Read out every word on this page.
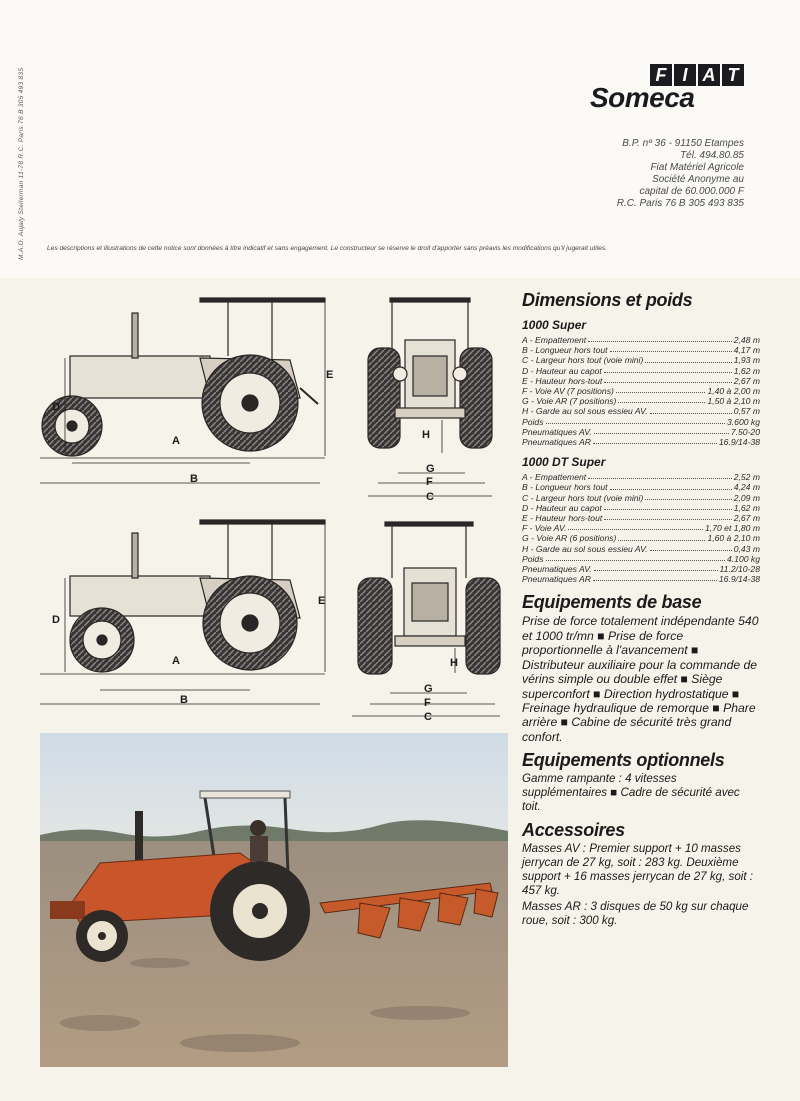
M.A.O. Aujaly Steilerman 11-78 R.C. Paris 76 B 305 493 835	F I A T
Someca
B.P. nº 36 - 91150 Etampes
Tél. 494.80.85
Fiat Matériel Agricole
Société Anonyme au
capital de 60.000.000 F
R.C. Paris 76 B 305 493 835
Les descriptions et illustrations de cette notice sont données à titre indicatif et sans engagement. Le constructeur se réserve le droit d'apporter sans préavis les modifications qu'il jugerait utiles.
A
B
D
E
G
F
C
H
A
B
D
E
G
F
C
H
Dimensions et poids
1000 Super
A - Empattement	2,48 m
B - Longueur hors tout	4,17 m
C - Largeur hors tout (voie mini)	1,93 m
D - Hauteur au capot	1,62 m
E - Hauteur hors-tout	2,67 m
F - Voie AV (7 positions)	1,40 à 2,00 m
G - Voie AR (7 positions)	1,50 à 2,10 m
H - Garde au sol sous essieu AV.	0,57 m
Poids	3.600 kg
Pneumatiques AV.	7.50-20
Pneumatiques AR	16.9/14-38
1000 DT Super
A - Empattement	2,52 m
B - Longueur hors tout	4,24 m
C - Largeur hors tout (voie mini)	2,09 m
D - Hauteur au capot	1,62 m
E - Hauteur hors-tout	2,67 m
F - Voie AV.	1,70 et 1,80 m
G - Voie AR (6 positions)	1,60 à 2,10 m
H - Garde au sol sous essieu AV.	0,43 m
Poids	4.100 kg
Pneumatiques AV.	11.2/10-28
Pneumatiques AR	16.9/14-38
Equipements de base

Prise de force totalement indépendante 540 et 1000 tr/mn ■ Prise de force proportionnelle à l'avancement ■ Distributeur auxiliaire pour la commande de vérins simple ou double effet ■ Siège superconfort ■ Direction hydrostatique ■ Freinage hydraulique de remorque ■ Phare arrière ■ Cabine de sécurité très grand confort.

Equipements optionnels

Gamme rampante : 4 vitesses supplémentaires ■ Cadre de sécurité avec toit.

Accessoires

Masses AV : Premier support + 10 masses jerrycan de 27 kg, soit : 283 kg. Deuxième support + 16 masses jerrycan de 27 kg, soit : 457 kg.

Masses AR : 3 disques de 50 kg sur chaque roue, soit : 300 kg.
